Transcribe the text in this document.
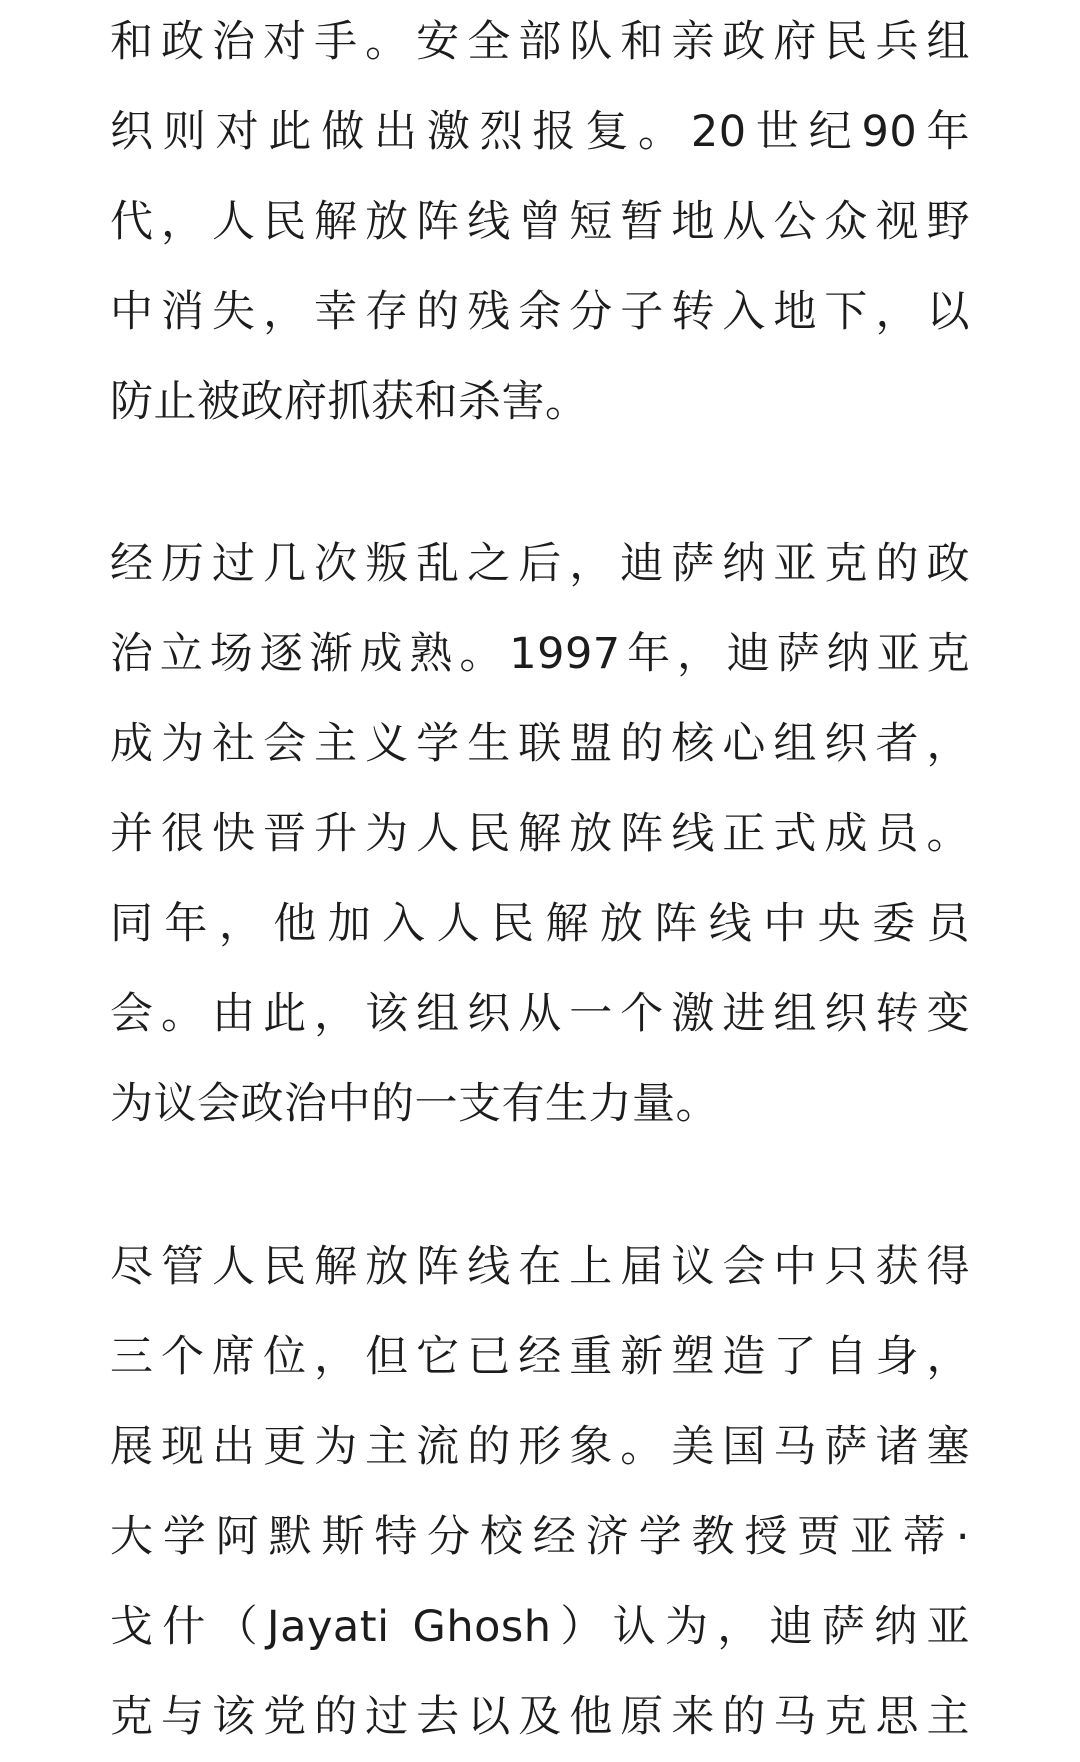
和政治对手。安全部队和亲政府民兵组
织则对此做出激烈报复。20世纪90年
代，人民解放阵线曾短暂地从公众视野
中消失，幸存的残余分子转入地下，以
防止被政府抓获和杀害。
经历过几次叛乱之后，迪萨纳亚克的政
治立场逐渐成熟。1997年，迪萨纳亚克
成为社会主义学生联盟的核心组织者，
并很快晋升为人民解放阵线正式成员。
同年，他加入人民解放阵线中央委员
会。由此，该组织从一个激进组织转变
为议会政治中的一支有生力量。
尽管人民解放阵线在上届议会中只获得
三个席位，但它已经重新塑造了自身，
展现出更为主流的形象。美国马萨诸塞
大学阿默斯特分校经济学教授贾亚蒂·
戈什（Jayati Ghosh）认为，迪萨纳亚
克与该党的过去以及他原来的马克思主
